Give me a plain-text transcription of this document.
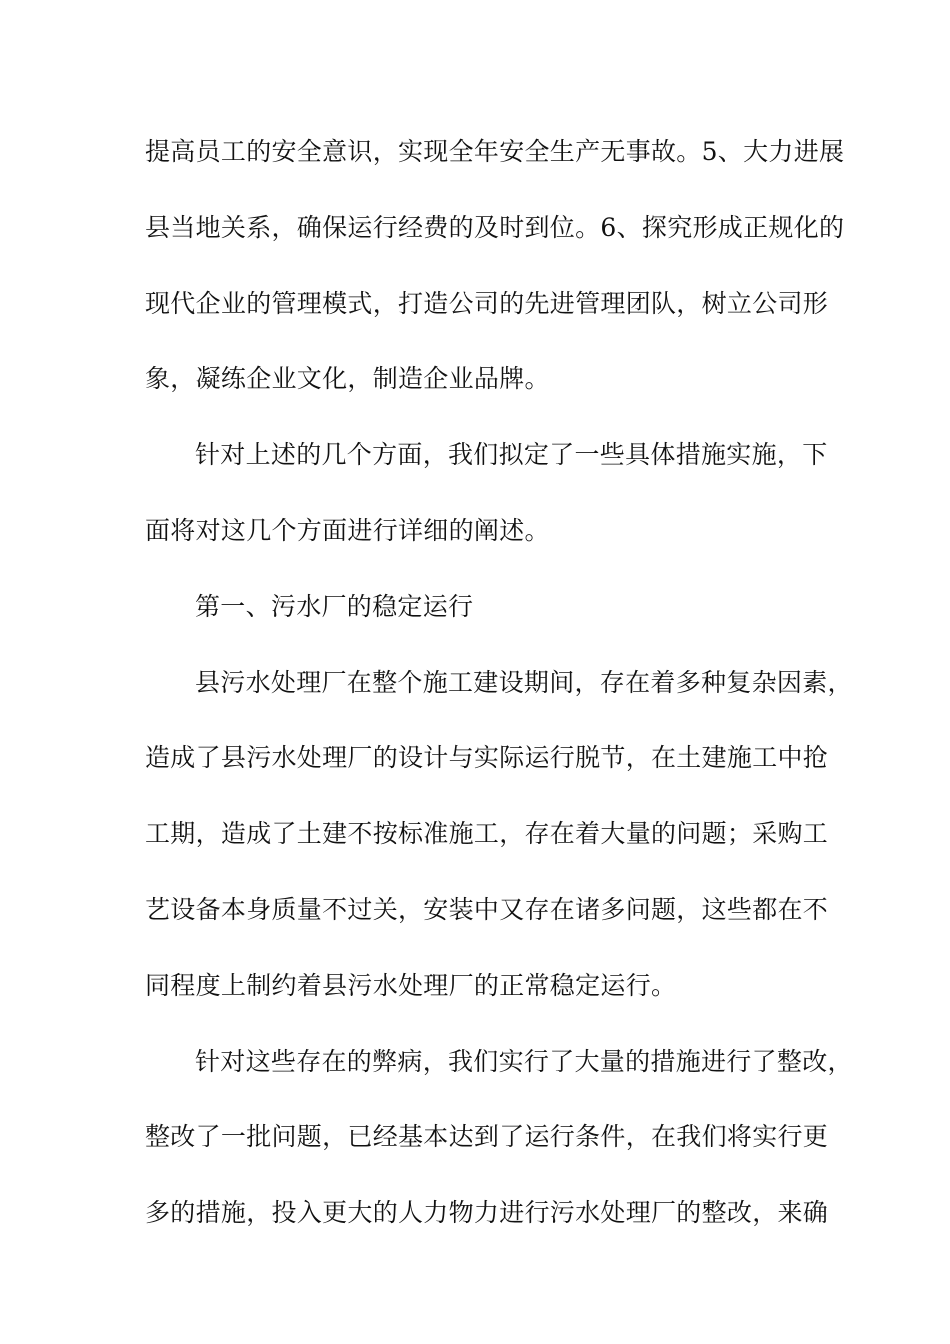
提高员工的安全意识，实现全年安全生产无事故。5、大力进展
县当地关系，确保运行经费的及时到位。6、探究形成正规化的
现代企业的管理模式，打造公司的先进管理团队，树立公司形
象，凝练企业文化，制造企业品牌。
针对上述的几个方面，我们拟定了一些具体措施实施，下
面将对这几个方面进行详细的阐述。
第一、污水厂的稳定运行
县污水处理厂在整个施工建设期间，存在着多种复杂因素，
造成了县污水处理厂的设计与实际运行脱节，在土建施工中抢
工期，造成了土建不按标准施工，存在着大量的问题；采购工
艺设备本身质量不过关，安装中又存在诸多问题，这些都在不
同程度上制约着县污水处理厂的正常稳定运行。
针对这些存在的弊病，我们实行了大量的措施进行了整改，
整改了一批问题，已经基本达到了运行条件，在我们将实行更
多的措施，投入更大的人力物力进行污水处理厂的整改，来确
